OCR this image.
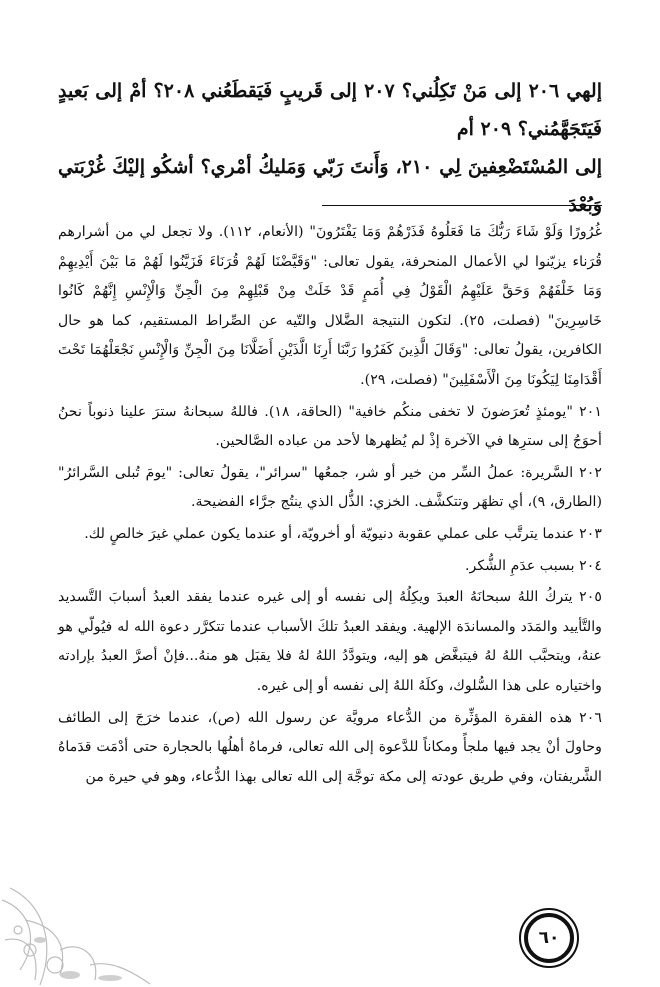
إلهي ٢٠٦ إلى مَنْ تَكِلُني؟ ٢٠٧ إلى قَريبٍ فَيَقطَعُني ٢٠٨؟ أمْ إلى بَعيدٍ فَيَتَجَهَّمُني؟ ٢٠٩ أم

إلى المُسْتَضْعِفينَ لِي ٢١٠، وَأَنتَ رَبّي وَمَليكُ أمْري؟ أشكُو إليْكَ غُرْبَتي وَبُعْدَ

غُرُورًا وَلَوْ شَاءَ رَبُّكَ مَا فَعَلُوهُ فَذَرْهُمْ وَمَا يَفْتَرُونَ" (الأنعام، ١١٢). ولا تجعل لي من أشرارهم قُرَناء يزيّنوا لي الأعمال المنحرفة، يقول تعالى: "وَقَيَّضْنَا لَهُمْ قُرَنَاءَ فَزَيَّنُوا لَهُمْ مَا بَيْنَ أَيْدِيهِمْ وَمَا خَلْفَهُمْ وَحَقَّ عَلَيْهِمُ الْقَوْلُ فِي أُمَمٍ قَدْ خَلَتْ مِنْ قَبْلِهِمْ مِنَ الْجِنِّ وَالْإِنْسِ إِنَّهُمْ كَانُوا خَاسِرِينَ" (فصلت، ٢٥). لتكون النتيجة الضَّلال والتّيه عن الصِّراط المستقيم، كما هو حال الكافرين، يقولُ تعالى: "وَقَالَ الَّذِينَ كَفَرُوا رَبَّنَا أَرِنَا الَّذَيْنِ أَضَلَّانَا مِنَ الْجِنِّ وَالْإِنْسِ نَجْعَلْهُمَا تَحْتَ أَقْدَامِنَا لِيَكُونَا مِنَ الْأَسْفَلِينَ" (فصلت، ٢٩).

٢٠١ "يومئذٍ تُعرَضونَ لا تخفى منكُم خافية" (الحاقة، ١٨). فاللهُ سبحانهُ سترَ علينا ذنوباً نحنُ أحوَجُ إلى سترِها في الآخرة إذْ لم يُظهرها لأحد من عباده الصَّالحين.

٢٠٢ السَّريرة: عملُ السِّر من خير أو شر، جمعُها "سرائر"، يقولُ تعالى: "يومَ تُبلى السَّرائرُ" (الطارق، ٩)، أي تظهَر وتتكشَّف. الخزي: الذُّل الذي ينتُج جرَّاء الفضيحة.

٢٠٣ عندما يترتَّب على عملي عقوبة دنيويّة أو أخرويّة، أو عندما يكون عملي غيرَ خالصٍ لك.

٢٠٤ بسبب عدَمِ الشُّكر.

٢٠٥ يتركُ اللهُ سبحانَهُ العبدَ ويكِلُهُ إلى نفسه أو إلى غيره عندما يفقد العبدُ أسبابَ التَّسديد والتَّأييد والمَدَد والمساندَة الإلهية. ويفقد العبدُ تلكَ الأسباب عندما تتكرَّر دعوة الله له فيُولّي هو عنهُ، ويتحبَّب اللهُ لهُ فيتبغَّض هو إليه، ويتودَّدُ اللهُ لهُ فلا يقبَل هو منهُ...فإنْ أصرَّ العبدُ بإرادته واختياره على هذا السُّلوك، وكلَهُ اللهُ إلى نفسه أو إلى غيره.

٢٠٦ هذه الفقرة المؤثِّرة من الدُّعاء مرويَّة عن رسول الله (ص)، عندما خرَجَ إلى الطائف وحاولَ أنْ يجد فيها ملجأً ومكاناً للدَّعوة إلى الله تعالى، فرماهُ أهلُها بالحجارة حتى أدْمَت قدَماهُ الشَّريفتان، وفي طريق عودته إلى مكة توجَّهَ إلى الله تعالى بهذا الدُّعاء، وهو في حيرة من

٦٠
